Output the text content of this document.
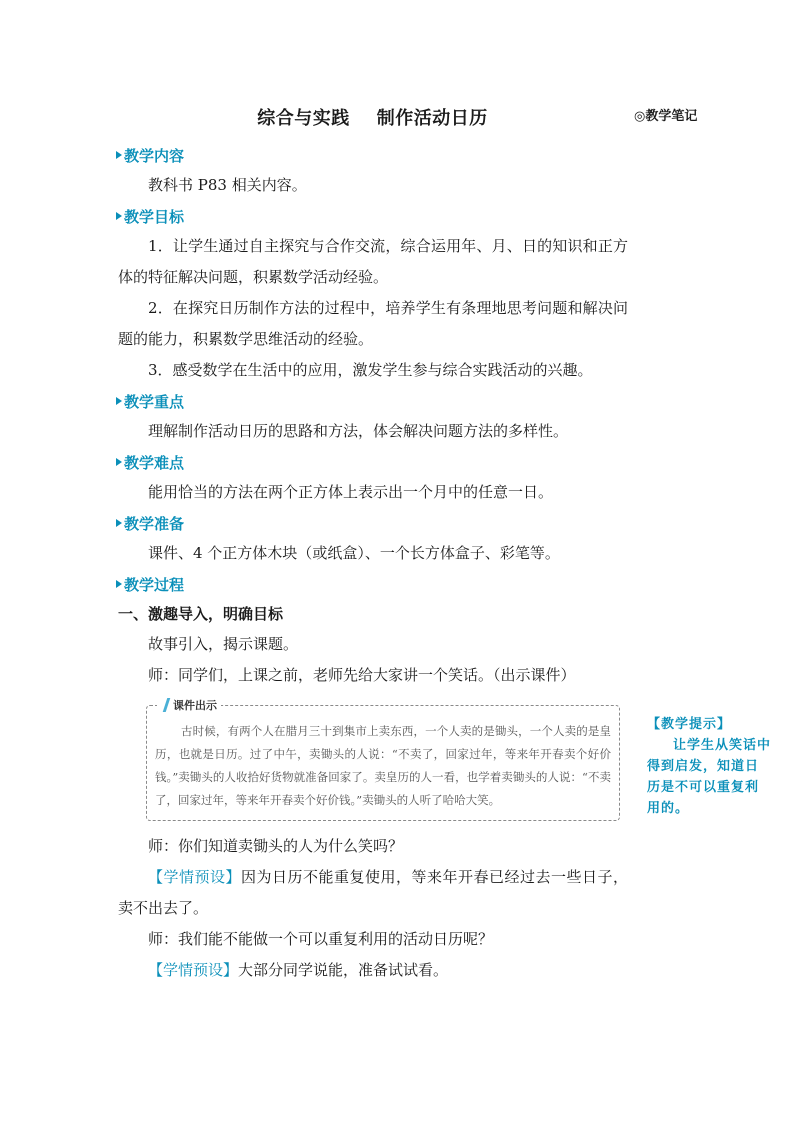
综合与实践    制作活动日历	◎教学笔记
教学内容

教科书 P83 相关内容。

教学目标

1．让学生通过自主探究与合作交流，综合运用年、月、日的知识和正方体的特征解决问题，积累数学活动经验。

2．在探究日历制作方法的过程中，培养学生有条理地思考问题和解决问题的能力，积累数学思维活动的经验。

3．感受数学在生活中的应用，激发学生参与综合实践活动的兴趣。

教学重点

理解制作活动日历的思路和方法，体会解决问题方法的多样性。

教学难点

能用恰当的方法在两个正方体上表示出一个月中的任意一日。

教学准备

课件、4 个正方体木块（或纸盒）、一个长方体盒子、彩笔等。

教学过程
一、激趣导入，明确目标

故事引入，揭示课题。

师：同学们，上课之前，老师先给大家讲一个笑话。（出示课件）

课件出示

古时候，有两个人在腊月三十到集市上卖东西，一个人卖的是锄头，一个人卖的是皇历，也就是日历。过了中午，卖锄头的人说：“不卖了，回家过年，等来年开春卖个好价钱。”卖锄头的人收拾好货物就准备回家了。卖皇历的人一看，也学着卖锄头的人说：“不卖了，回家过年，等来年开春卖个好价钱。”卖锄头的人听了哈哈大笑。

师：你们知道卖锄头的人为什么笑吗？

【学情预设】因为日历不能重复使用，等来年开春已经过去一些日子，卖不出去了。

师：我们能不能做一个可以重复利用的活动日历呢？

【学情预设】大部分同学说能，准备试试看。

【教学提示】
让学生从笑话中得到启发，知道日历是不可以重复利用的。
